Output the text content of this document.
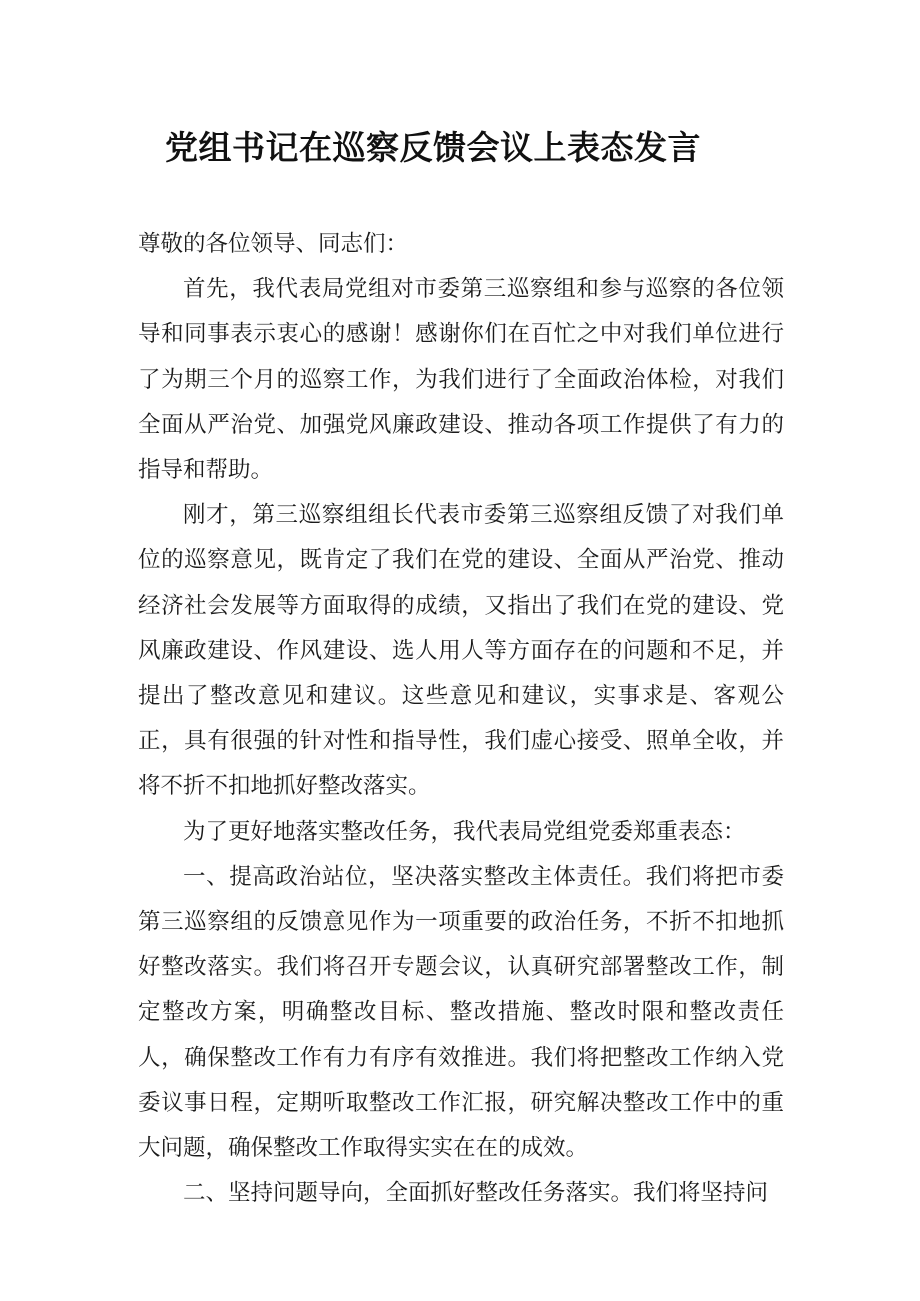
党组书记在巡察反馈会议上表态发言

尊敬的各位领导、同志们：

首先，我代表局党组对市委第三巡察组和参与巡察的各位领导和同事表示衷心的感谢！感谢你们在百忙之中对我们单位进行了为期三个月的巡察工作，为我们进行了全面政治体检，对我们全面从严治党、加强党风廉政建设、推动各项工作提供了有力的指导和帮助。

刚才，第三巡察组组长代表市委第三巡察组反馈了对我们单位的巡察意见，既肯定了我们在党的建设、全面从严治党、推动经济社会发展等方面取得的成绩，又指出了我们在党的建设、党风廉政建设、作风建设、选人用人等方面存在的问题和不足，并提出了整改意见和建议。这些意见和建议，实事求是、客观公正，具有很强的针对性和指导性，我们虚心接受、照单全收，并将不折不扣地抓好整改落实。

为了更好地落实整改任务，我代表局党组党委郑重表态：

一、提高政治站位，坚决落实整改主体责任。我们将把市委第三巡察组的反馈意见作为一项重要的政治任务，不折不扣地抓好整改落实。我们将召开专题会议，认真研究部署整改工作，制定整改方案，明确整改目标、整改措施、整改时限和整改责任人，确保整改工作有力有序有效推进。我们将把整改工作纳入党委议事日程，定期听取整改工作汇报，研究解决整改工作中的重大问题，确保整改工作取得实实在在的成效。

二、坚持问题导向，全面抓好整改任务落实。我们将坚持问
